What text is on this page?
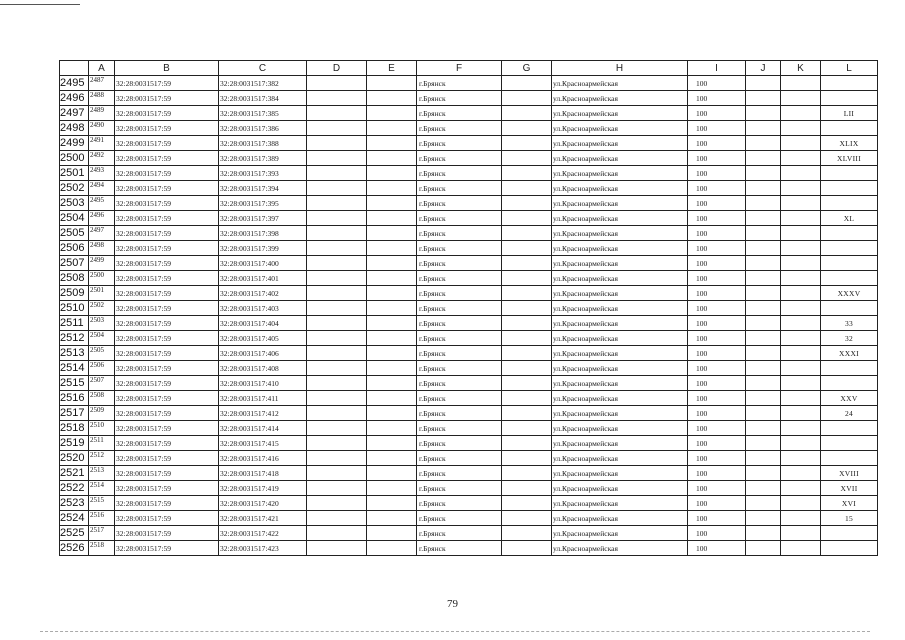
	A	B	C	D	E	F	G	H	I	J	K	L
2495	2487	32:28:0031517:59	32:28:0031517:382			г.Брянск		ул.Красноармейская	100			
2496	2488	32:28:0031517:59	32:28:0031517:384			г.Брянск		ул.Красноармейская	100			
2497	2489	32:28:0031517:59	32:28:0031517:385			г.Брянск		ул.Красноармейская	100			LII
2498	2490	32:28:0031517:59	32:28:0031517:386			г.Брянск		ул.Красноармейская	100			
2499	2491	32:28:0031517:59	32:28:0031517:388			г.Брянск		ул.Красноармейская	100			XLIX
2500	2492	32:28:0031517:59	32:28:0031517:389			г.Брянск		ул.Красноармейская	100			XLVIII
2501	2493	32:28:0031517:59	32:28:0031517:393			г.Брянск		ул.Красноармейская	100			
2502	2494	32:28:0031517:59	32:28:0031517:394			г.Брянск		ул.Красноармейская	100			
2503	2495	32:28:0031517:59	32:28:0031517:395			г.Брянск		ул.Красноармейская	100			
2504	2496	32:28:0031517:59	32:28:0031517:397			г.Брянск		ул.Красноармейская	100			XL
2505	2497	32:28:0031517:59	32:28:0031517:398			г.Брянск		ул.Красноармейская	100			
2506	2498	32:28:0031517:59	32:28:0031517:399			г.Брянск		ул.Красноармейская	100			
2507	2499	32:28:0031517:59	32:28:0031517:400			г.Брянск		ул.Красноармейская	100			
2508	2500	32:28:0031517:59	32:28:0031517:401			г.Брянск		ул.Красноармейская	100			
2509	2501	32:28:0031517:59	32:28:0031517:402			г.Брянск		ул.Красноармейская	100			XXXV
2510	2502	32:28:0031517:59	32:28:0031517:403			г.Брянск		ул.Красноармейская	100			
2511	2503	32:28:0031517:59	32:28:0031517:404			г.Брянск		ул.Красноармейская	100			33
2512	2504	32:28:0031517:59	32:28:0031517:405			г.Брянск		ул.Красноармейская	100			32
2513	2505	32:28:0031517:59	32:28:0031517:406			г.Брянск		ул.Красноармейская	100			XXXI
2514	2506	32:28:0031517:59	32:28:0031517:408			г.Брянск		ул.Красноармейская	100			
2515	2507	32:28:0031517:59	32:28:0031517:410			г.Брянск		ул.Красноармейская	100			
2516	2508	32:28:0031517:59	32:28:0031517:411			г.Брянск		ул.Красноармейская	100			XXV
2517	2509	32:28:0031517:59	32:28:0031517:412			г.Брянск		ул.Красноармейская	100			24
2518	2510	32:28:0031517:59	32:28:0031517:414			г.Брянск		ул.Красноармейская	100			
2519	2511	32:28:0031517:59	32:28:0031517:415			г.Брянск		ул.Красноармейская	100			
2520	2512	32:28:0031517:59	32:28:0031517:416			г.Брянск		ул.Красноармейская	100			
2521	2513	32:28:0031517:59	32:28:0031517:418			г.Брянск		ул.Красноармейская	100			XVIII
2522	2514	32:28:0031517:59	32:28:0031517:419			г.Брянск		ул.Красноармейская	100			XVII
2523	2515	32:28:0031517:59	32:28:0031517:420			г.Брянск		ул.Красноармейская	100			XVI
2524	2516	32:28:0031517:59	32:28:0031517:421			г.Брянск		ул.Красноармейская	100			15
2525	2517	32:28:0031517:59	32:28:0031517:422			г.Брянск		ул.Красноармейская	100			
2526	2518	32:28:0031517:59	32:28:0031517:423			г.Брянск		ул.Красноармейская	100			
79
